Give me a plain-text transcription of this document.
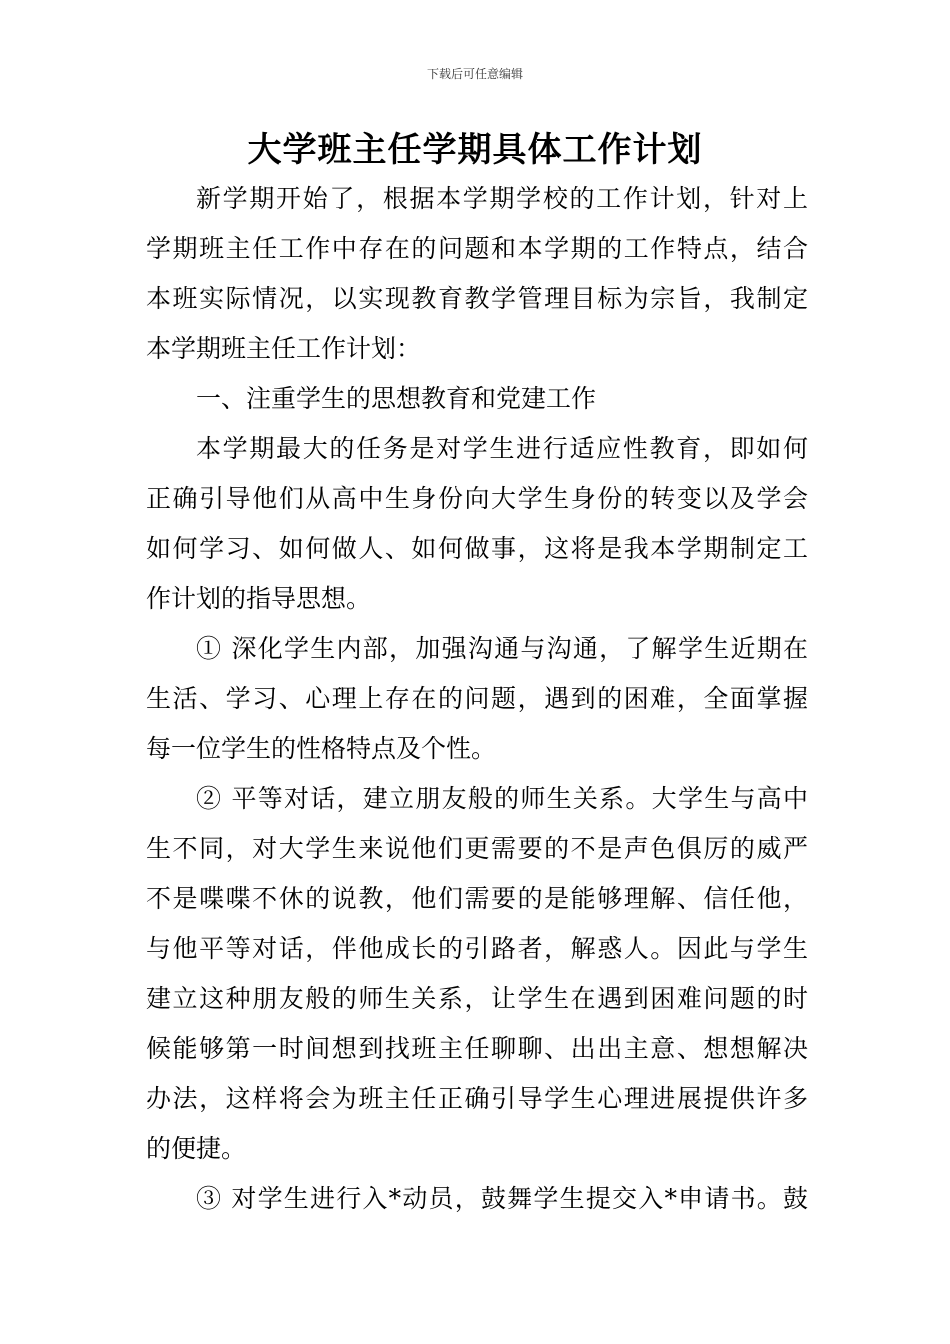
下载后可任意编辑
大学班主任学期具体工作计划
新学期开始了，根据本学期学校的工作计划，针对上
学期班主任工作中存在的问题和本学期的工作特点，结合
本班实际情况，以实现教育教学管理目标为宗旨，我制定
本学期班主任工作计划：
一、注重学生的思想教育和党建工作
本学期最大的任务是对学生进行适应性教育，即如何
正确引导他们从高中生身份向大学生身份的转变以及学会
如何学习、如何做人、如何做事，这将是我本学期制定工
作计划的指导思想。
① 深化学生内部，加强沟通与沟通，了解学生近期在
生活、学习、心理上存在的问题，遇到的困难，全面掌握
每一位学生的性格特点及个性。
② 平等对话，建立朋友般的师生关系。大学生与高中
生不同，对大学生来说他们更需要的不是声色俱厉的威严
不是喋喋不休的说教，他们需要的是能够理解、信任他，
与他平等对话，伴他成长的引路者，解惑人。因此与学生
建立这种朋友般的师生关系，让学生在遇到困难问题的时
候能够第一时间想到找班主任聊聊、出出主意、想想解决
办法，这样将会为班主任正确引导学生心理进展提供许多
的便捷。
③ 对学生进行入*动员，鼓舞学生提交入*申请书。鼓
